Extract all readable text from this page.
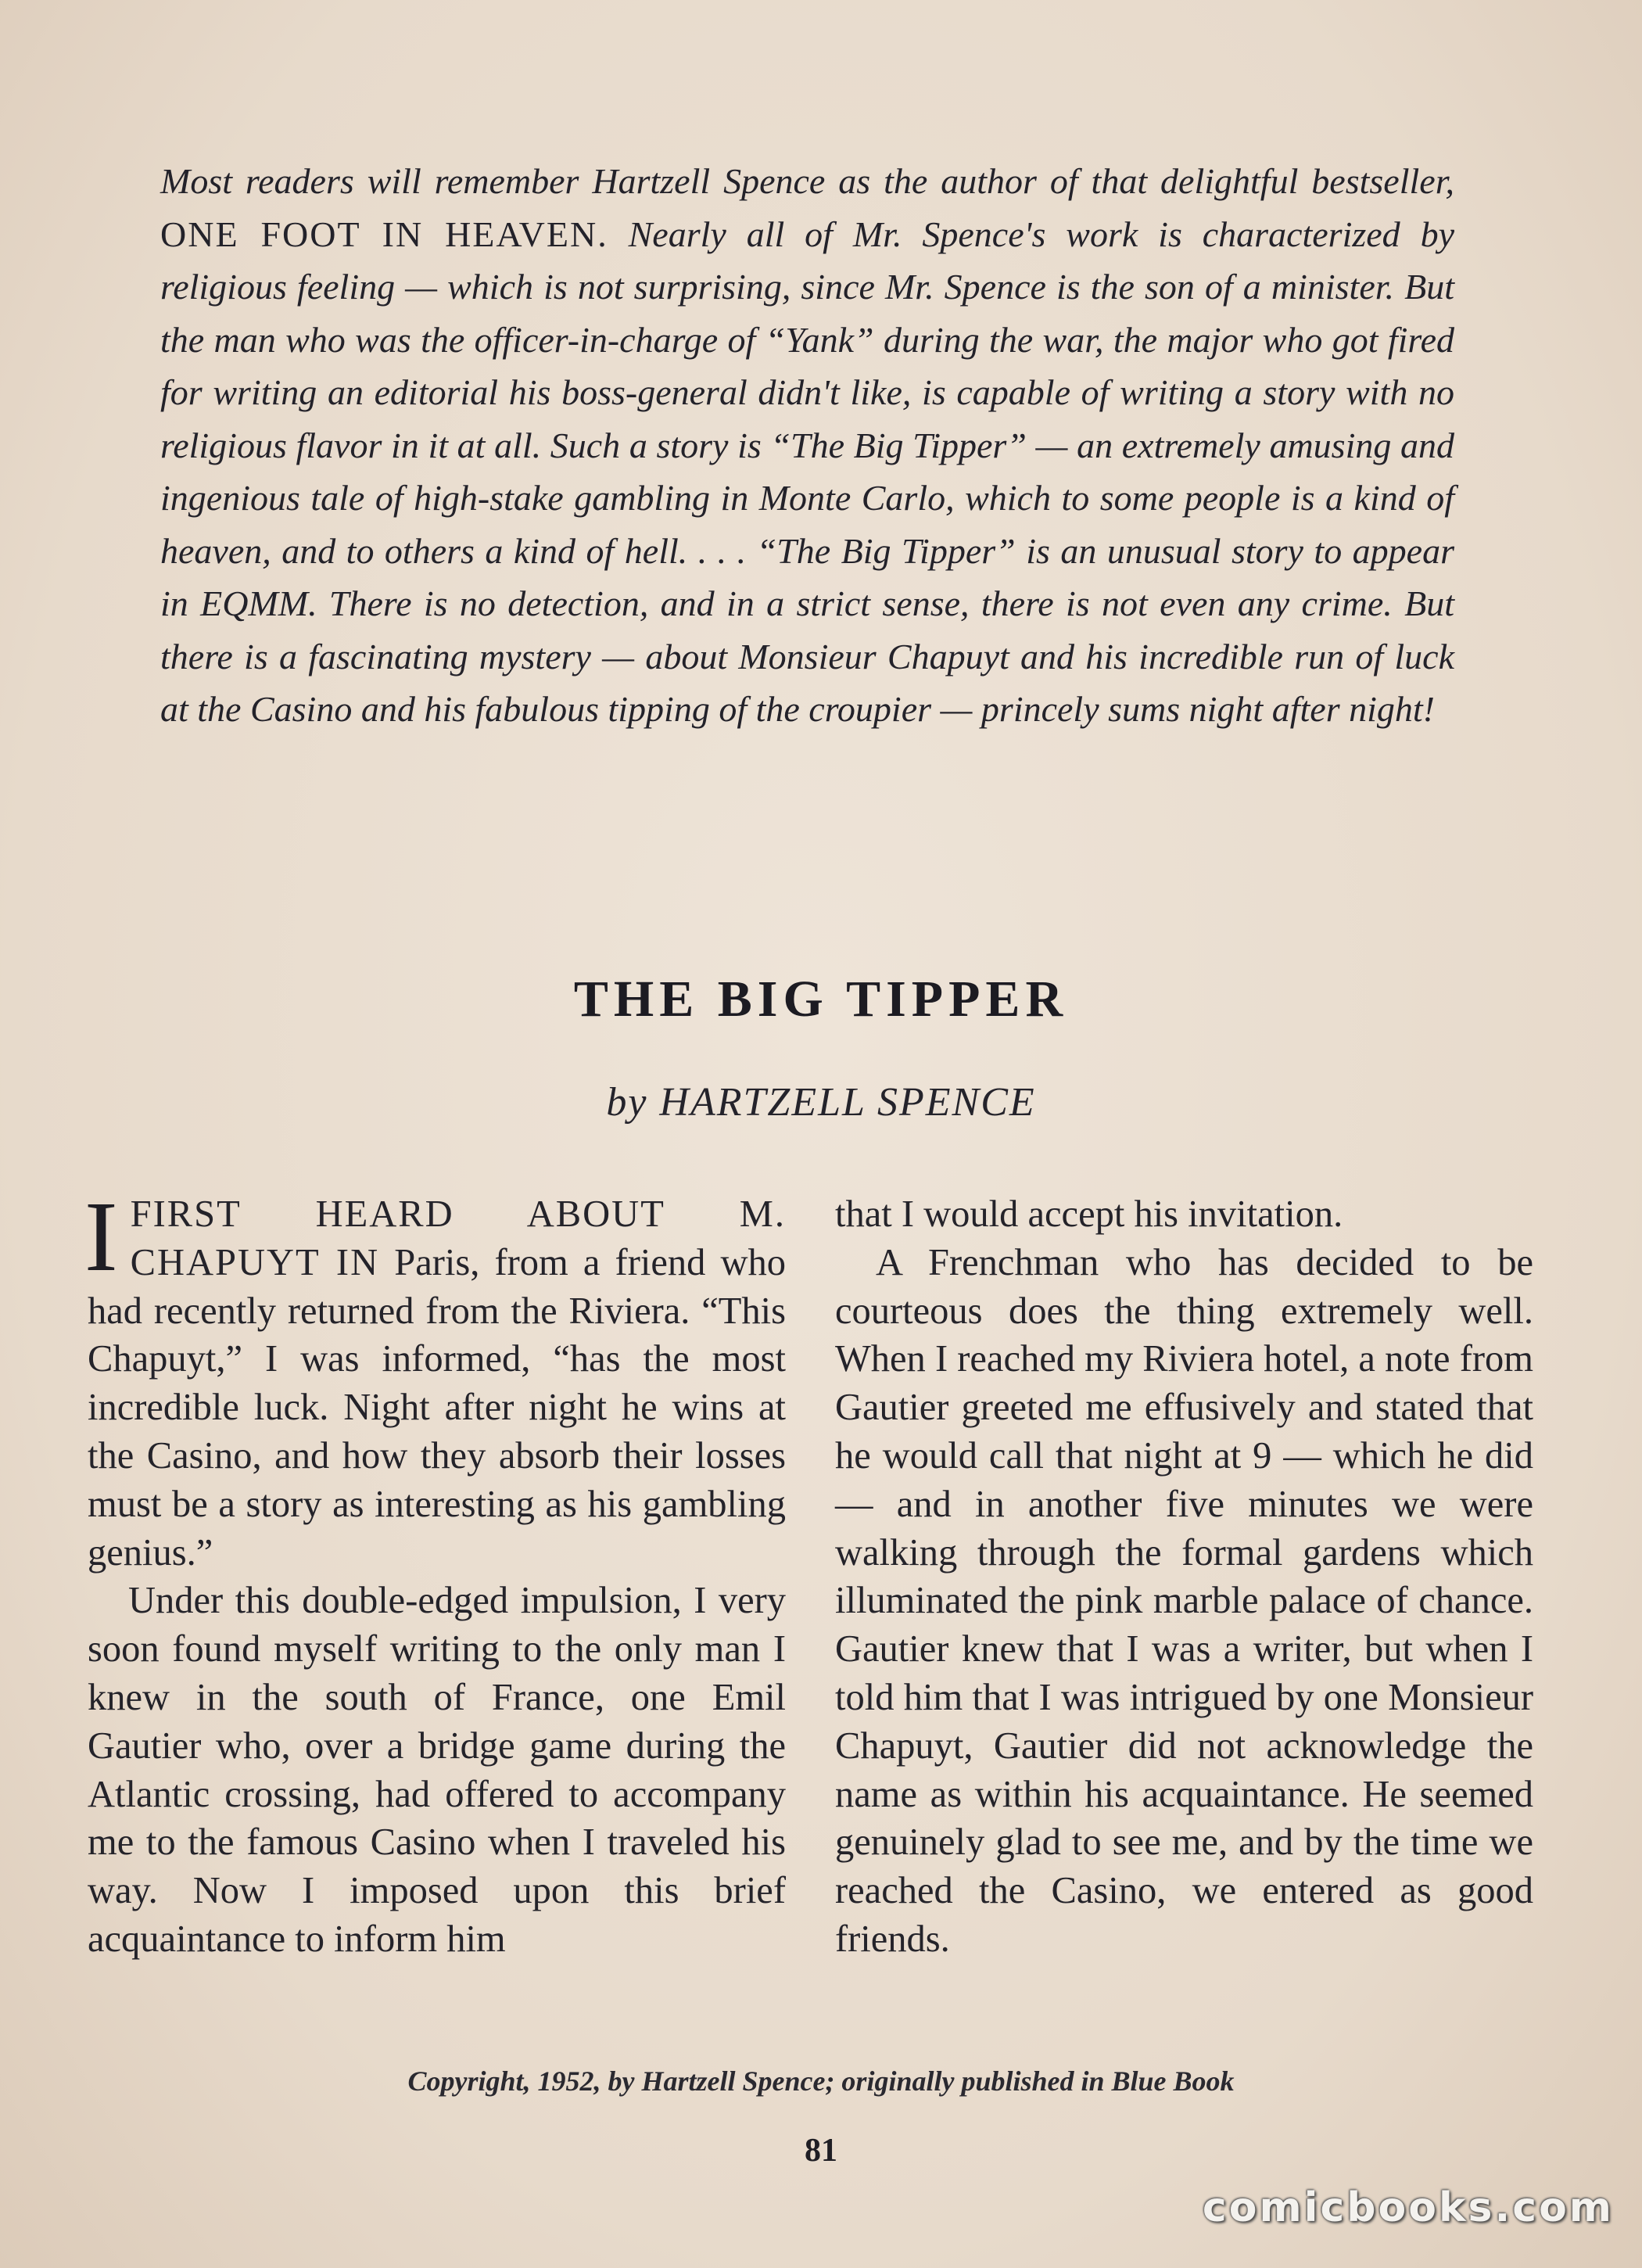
Most readers will remember Hartzell Spence as the author of that delightful bestseller, ONE FOOT IN HEAVEN. Nearly all of Mr. Spence's work is characterized by religious feeling — which is not surprising, since Mr. Spence is the son of a minister. But the man who was the officer-in-charge of “Yank” during the war, the major who got fired for writing an editorial his boss-general didn't like, is capable of writing a story with no religious flavor in it at all. Such a story is “The Big Tipper” — an extremely amusing and ingenious tale of high-stake gambling in Monte Carlo, which to some people is a kind of heaven, and to others a kind of hell. . . . “The Big Tipper” is an unusual story to appear in EQMM. There is no detection, and in a strict sense, there is not even any crime. But there is a fascinating mystery — about Monsieur Chapuyt and his incredible run of luck at the Casino and his fabulous tipping of the croupier — princely sums night after night!

THE BIG TIPPER

by HARTZELL SPENCE

I FIRST HEARD ABOUT M. CHAPUYT IN Paris, from a friend who had recently returned from the Riviera. “This Chapuyt,” I was informed, “has the most incredible luck. Night after night he wins at the Casino, and how they absorb their losses must be a story as interesting as his gambling genius.”

Under this double-edged impulsion, I very soon found myself writing to the only man I knew in the south of France, one Emil Gautier who, over a bridge game during the Atlantic crossing, had offered to accompany me to the famous Casino when I traveled his way. Now I imposed upon this brief acquaintance to inform him

that I would accept his invitation.

A Frenchman who has decided to be courteous does the thing extremely well. When I reached my Riviera hotel, a note from Gautier greeted me effusively and stated that he would call that night at 9 — which he did — and in another five minutes we were walking through the formal gardens which illuminated the pink marble palace of chance. Gautier knew that I was a writer, but when I told him that I was intrigued by one Monsieur Chapuyt, Gautier did not acknowledge the name as within his acquaintance. He seemed genuinely glad to see me, and by the time we reached the Casino, we entered as good friends.

Copyright, 1952, by Hartzell Spence; originally published in Blue Book

81

comicbooks.com
